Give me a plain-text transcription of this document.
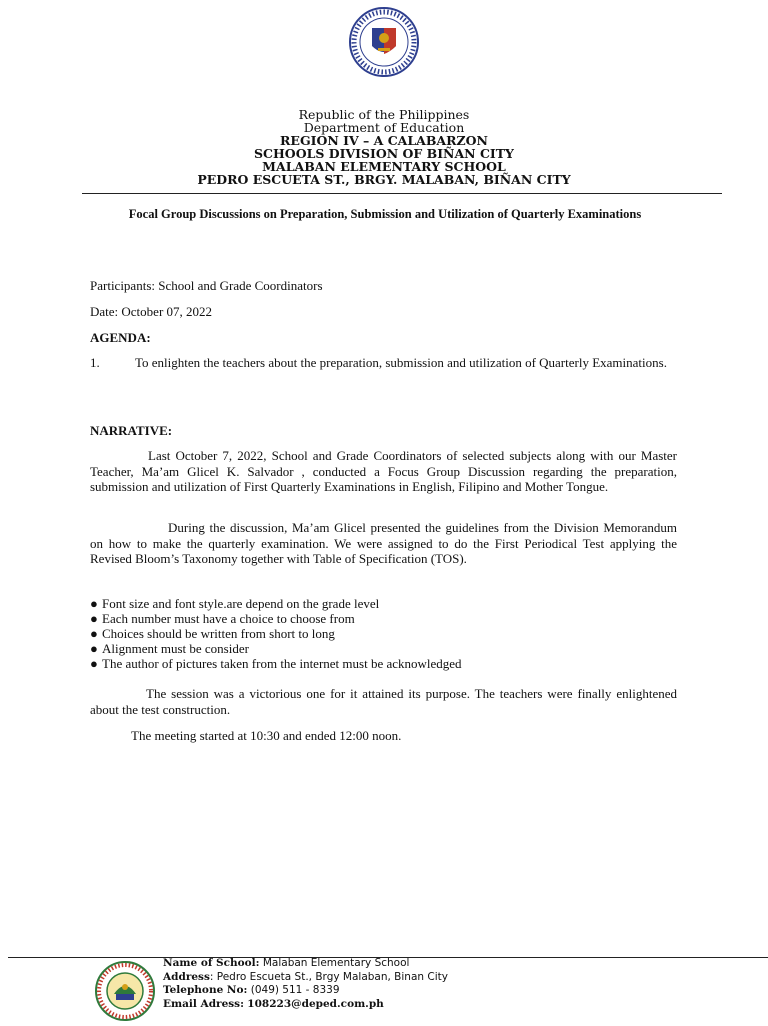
Republic of the Philippines
Department of Education
REGION IV – A CALABARZON
SCHOOLS DIVISION OF BIÑAN CITY
MALABAN ELEMENTARY SCHOOL
PEDRO ESCUETA ST., BRGY. MALABAN, BIÑAN CITY
Focal Group Discussions on Preparation, Submission and Utilization of Quarterly Examinations
Participants: School and Grade Coordinators
Date: October 07, 2022
AGENDA:
1.	To enlighten the teachers about the preparation, submission and utilization of Quarterly Examinations.
NARRATIVE:
Last October 7, 2022, School and Grade Coordinators of selected subjects along with our Master Teacher, Ma’am Glicel K. Salvador , conducted a Focus Group Discussion regarding the preparation, submission and utilization of First Quarterly Examinations in English, Filipino and Mother Tongue.
During the discussion, Ma’am Glicel presented the guidelines from the Division Memorandum on how to make the quarterly examination. We were assigned to do the First Periodical Test applying the Revised Bloom’s Taxonomy together with Table of Specification (TOS).
● Font size and font style.are depend on the grade level
● Each number must have a choice to choose from
● Choices should be written from short to long
● Alignment must be consider
● The author of pictures taken from the internet must be acknowledged
The session was a victorious one for it attained its purpose. The teachers were finally enlightened about the test construction.
The meeting started at 10:30 and ended 12:00 noon.
Name of School: Malaban Elementary School
Address: Pedro Escueta St., Brgy Malaban, Binan City
Telephone No: (049) 511 - 8339
Email Adress: 108223@deped.com.ph
